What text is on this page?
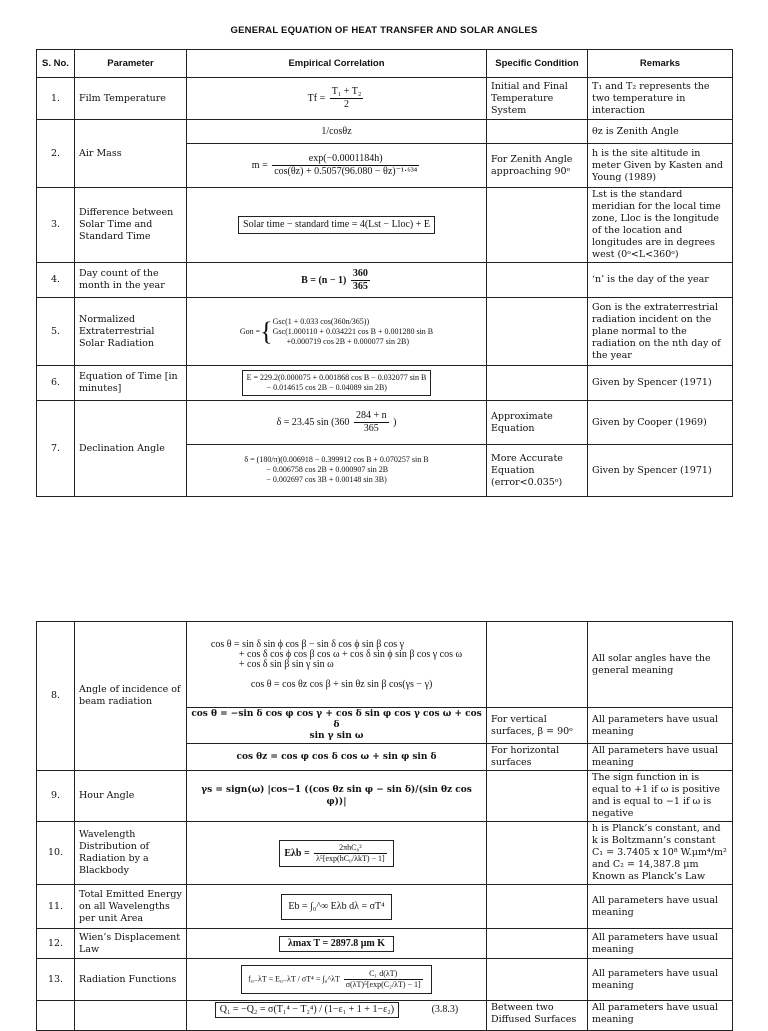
GENERAL EQUATION OF HEAT TRANSFER AND SOLAR ANGLES
S. No.	Parameter	Empirical Correlation	Specific Condition	Remarks
1.	Film Temperature	$Tf = \frac{\text{T₁ + T₂}}{2}$	Initial and Final Temperature System	T₁ and T₂ represents the two temperature in interaction
2.	Air Mass	1/cosθz		θz is Zenith Angle
		$m = \frac{\exp(-0.0001184h)}{\text{cos(θz) + 0.5057(96.080 − θz)⁻¹·⁶³⁴}}$	For Zenith Angle approaching 90ᵒ	h is the site altitude in meter Given by Kasten and Young (1989)
3.	Difference between Solar Time and Standard Time	Solar time − standard time = 4(Lst − Lloc) + E		Lst is the standard meridian for the local time zone, Lloc is the longitude of the location and longitudes are in degrees west (0ᵒ<L<360ᵒ)
4.	Day count of the month in the year	$B = (n - 1) \frac{360}{365}$		‘n’ is the day of the year
5.	Normalized Extraterrestrial Solar Radiation	Gon = { Gsc(1 + 0.033 cos(360n/365))
Gsc(1.000110 + 0.034221 cos B + 0.001280 sin B
+0.000719 cos 2B + 0.000077 sin 2B)		Gon is the extraterrestrial radiation incident on the plane normal to the radiation on the nth day of the year
6.	Equation of Time [in minutes]	E = 229.2(0.000075 + 0.001868 cos B − 0.032077 sin B
− 0.014615 cos 2B − 0.04089 sin 2B)		Given by Spencer (1971)
7.	Declination Angle	δ = 23.45 $\sin (360 \frac{284 + n}{365}$ )	Approximate Equation	Given by Cooper (1969)

		δ = (180/π)(0.006918 − 0.399912 cos B + 0.070257 sin B
− 0.006758 cos 2B + 0.000907 sin 2B
− 0.002697 cos 3B + 0.00148 sin 3B)	More Accurate Equation (error<0.035ᵒ)	Given by Spencer (1971)
8.	Angle of incidence of beam radiation	cos θ = sin δ sin ϕ cos β − sin δ cos ϕ sin β cos γ
+ cos δ cos ϕ cos β cos ω + cos δ sin ϕ sin β cos γ cos ω
+ cos δ sin β sin γ sin ω
cos θ = cos θz cos β + sin θz sin β cos(γs − γ)		All solar angles have the general meaning

		cos θ = −sin δ cos φ cos γ + cos δ sin φ cos γ cos ω + cos δ
sin γ sin ω	For vertical surfaces, β = 90ᵒ	All parameters have usual meaning
		cos θz = cos φ cos δ cos ω + sin φ sin δ	For horizontal surfaces	All parameters have usual meaning
9.	Hour Angle	γs = sign(ω) |cos−1 ((cos θz sin φ − sin δ)/(sin θz cos φ))|		The sign function in is equal to +1 if ω is positive and is equal to −1 if ω is negative
10.	Wavelength Distribution of Radiation by a Blackbody	$E\lambda b = \frac{\text{2πhC₀²}}{\text{λ⁵[exp(hC₀/λkT) − 1]}}$		h is Planck’s constant, and k is Boltzmann’s constant C₁ = 3.7405 x 10⁸ W.μm⁴/m² and C₂ = 14,387.8 μm Known as Planck’s Law
11.	Total Emitted Energy on all Wavelengths per unit Area	Eb = ∫₀^∞ Eλb dλ = σT⁴		All parameters have usual meaning
12.	Wien’s Displacement Law	λmax T = 2897.8 μm K		All parameters have usual meaning
13.	Radiation Functions	f₀₋λT = E₀₋λT / σT⁴ = ∫₀^λT $\frac{\text{C₁ d(λT)}}{\text{σ(λT)⁵[exp(C₂/λT) − 1]}}$		All parameters have usual meaning
		Q₁ = −Q₂ = σ(T₁⁴ − T₂⁴) / (1−ε₁ + 1 + 1−ε₂) (3.8.3)	Between two Diffused Surfaces	All parameters have usual meaning
